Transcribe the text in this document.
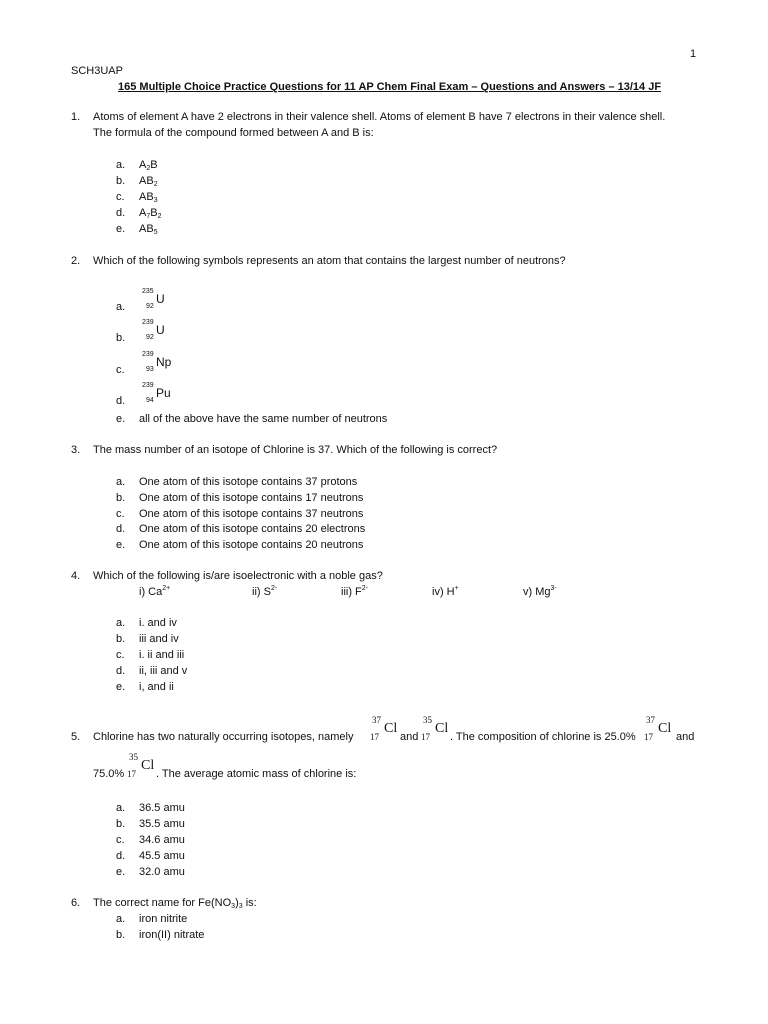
1
SCH3UAP
165 Multiple Choice Practice Questions for 11 AP Chem Final Exam – Questions and Answers – 13/14 JF
1. Atoms of element A have 2 electrons in their valence shell. Atoms of element B have 7 electrons in their valence shell.
The formula of the compound formed between A and B is:
a. $A_2B$
b. $AB_2$
c. $AB_3$
d. $A_7B_2$
e. $AB_5$
2. Which of the following symbols represents an atom that contains the largest number of neutrons?
a.
235
92
U
b.
239
92
U
c.
239
93
Np
d.
239
94
Pu
e. all of the above have the same number of neutrons
3. The mass number of an isotope of Chlorine is 37. Which of the following is correct?
a. One atom of this isotope contains 37 protons
b. One atom of this isotope contains 17 neutrons
c. One atom of this isotope contains 37 neutrons
d. One atom of this isotope contains 20 electrons
e. One atom of this isotope contains 20 neutrons
4. Which of the following is/are isoelectronic with a noble gas?
i) $Ca^{2+}$	ii) $S^{2-}$	iii) $F^{2-}$	iv) H+	v) $Mg^{3-}$
a. i. and iv
b. iii and iv
c. i. ii and iii
d. ii, iii and v
e. i, and ii
5. Chlorine has two naturally occurring isotopes, namely
37
17
Cl
and
35
17
Cl
. The composition of chlorine is 25.0%
37
17
Cl
and
75.0%
35
17
Cl
. The average atomic mass of chlorine is:
a. 36.5 amu
b. 35.5 amu
c. 34.6 amu
d. 45.5 amu
e. 32.0 amu
6. The correct name for $Fe(NO_3)_3$ is:
a. iron nitrite
b. iron(II) nitrate
